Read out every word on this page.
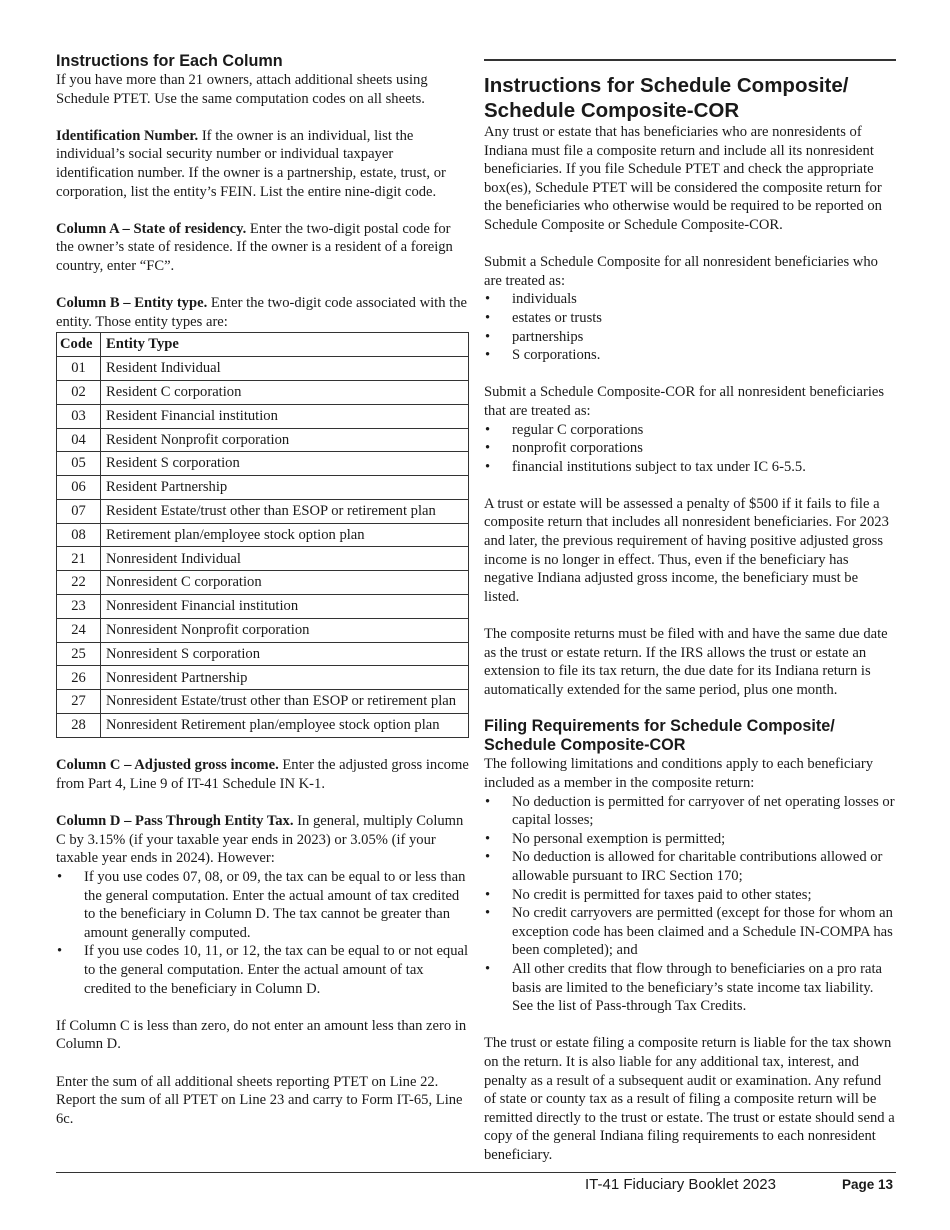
Instructions for Each Column

If you have more than 21 owners, attach additional sheets using Schedule PTET. Use the same computation codes on all sheets.

Identification Number. If the owner is an individual, list the individual’s social security number or individual taxpayer identification number. If the owner is a partnership, estate, trust, or corporation, list the entity’s FEIN. List the entire nine-digit code.

Column A – State of residency. Enter the two-digit postal code for the owner’s state of residence. If the owner is a resident of a foreign country, enter “FC”.

Column B – Entity type. Enter the two-digit code associated with the entity. Those entity types are:

Code	Entity Type
01	Resident Individual
02	Resident C corporation
03	Resident Financial institution
04	Resident Nonprofit corporation
05	Resident S corporation
06	Resident Partnership
07	Resident Estate/trust other than ESOP or retirement plan
08	Retirement plan/employee stock option plan
21	Nonresident Individual
22	Nonresident C corporation
23	Nonresident Financial institution
24	Nonresident Nonprofit corporation
25	Nonresident S corporation
26	Nonresident Partnership
27	Nonresident Estate/trust other than ESOP or retirement plan
28	Nonresident Retirement plan/employee stock option plan

Column C – Adjusted gross income. Enter the adjusted gross income from Part 4, Line 9 of IT-41 Schedule IN K-1.

Column D – Pass Through Entity Tax. In general, multiply Column C by 3.15% (if your taxable year ends in 2023) or 3.05% (if your taxable year ends in 2024). However:

• If you use codes 07, 08, or 09, the tax can be equal to or less than the general computation. Enter the actual amount of tax credited to the beneficiary in Column D. The tax cannot be greater than amount generally computed.
• If you use codes 10, 11, or 12, the tax can be equal to or not equal to the general computation. Enter the actual amount of tax credited to the beneficiary in Column D.

If Column C is less than zero, do not enter an amount less than zero in Column D.

Enter the sum of all additional sheets reporting PTET on Line 22. Report the sum of all PTET on Line 23 and carry to Form IT-65, Line 6c.

Instructions for Schedule Composite/ Schedule Composite-COR

Any trust or estate that has beneficiaries who are nonresidents of Indiana must file a composite return and include all its nonresident beneficiaries. If you file Schedule PTET and check the appropriate box(es), Schedule PTET will be considered the composite return for the beneficiaries who otherwise would be required to be reported on Schedule Composite or Schedule Composite-COR.

Submit a Schedule Composite for all nonresident beneficiaries who are treated as:

• individuals
• estates or trusts
• partnerships
• S corporations.

Submit a Schedule Composite-COR for all nonresident beneficiaries that are treated as:

• regular C corporations
• nonprofit corporations
• financial institutions subject to tax under IC 6-5.5.

A trust or estate will be assessed a penalty of $500 if it fails to file a composite return that includes all nonresident beneficiaries. For 2023 and later, the previous requirement of having positive adjusted gross income is no longer in effect. Thus, even if the beneficiary has negative Indiana adjusted gross income, the beneficiary must be listed.

The composite returns must be filed with and have the same due date as the trust or estate return. If the IRS allows the trust or estate an extension to file its tax return, the due date for its Indiana return is automatically extended for the same period, plus one month.

Filing Requirements for Schedule Composite/ Schedule Composite-COR

The following limitations and conditions apply to each beneficiary included as a member in the composite return:

• No deduction is permitted for carryover of net operating losses or capital losses;
• No personal exemption is permitted;
• No deduction is allowed for charitable contributions allowed or allowable pursuant to IRC Section 170;
• No credit is permitted for taxes paid to other states;
• No credit carryovers are permitted (except for those for whom an exception code has been claimed and a Schedule IN-COMPA has been completed); and
• All other credits that flow through to beneficiaries on a pro rata basis are limited to the beneficiary’s state income tax liability. See the list of Pass-through Tax Credits.

The trust or estate filing a composite return is liable for the tax shown on the return. It is also liable for any additional tax, interest, and penalty as a result of a subsequent audit or examination. Any refund of state or county tax as a result of filing a composite return will be remitted directly to the trust or estate. The trust or estate should send a copy of the general Indiana filing requirements to each nonresident beneficiary.

IT-41 Fiduciary Booklet 2023	Page 13
